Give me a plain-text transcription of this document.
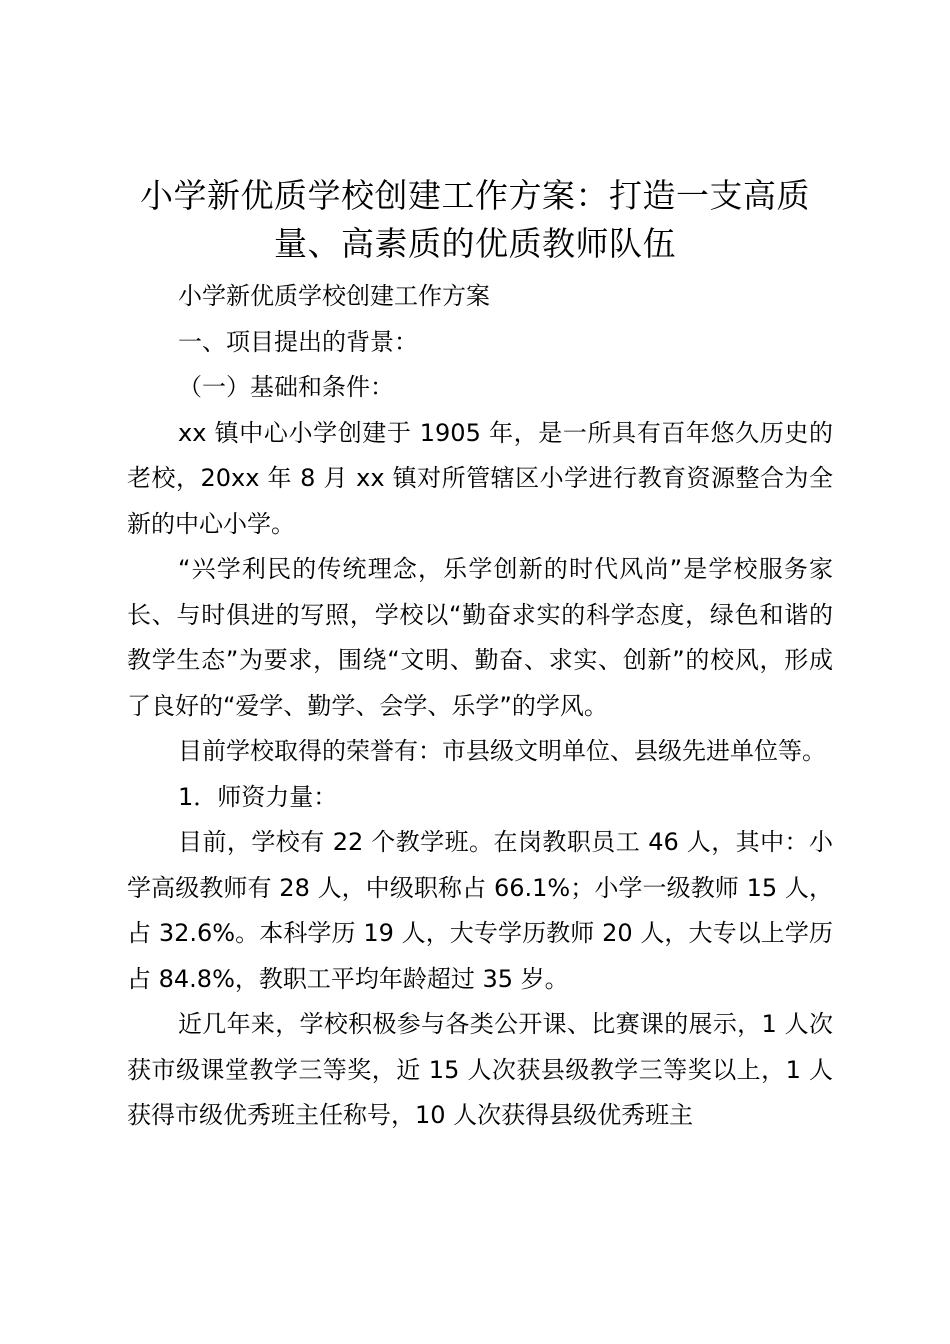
小学新优质学校创建工作方案：打造一支高质量、高素质的优质教师队伍

小学新优质学校创建工作方案

一、项目提出的背景：

（一）基础和条件：

xx 镇中心小学创建于 1905 年，是一所具有百年悠久历史的老校，20xx 年 8 月 xx 镇对所管辖区小学进行教育资源整合为全新的中心小学。

“兴学利民的传统理念，乐学创新的时代风尚”是学校服务家长、与时俱进的写照，学校以“勤奋求实的科学态度，绿色和谐的教学生态”为要求，围绕“文明、勤奋、求实、创新”的校风，形成了良好的“爱学、勤学、会学、乐学”的学风。

目前学校取得的荣誉有：市县级文明单位、县级先进单位等。

1．师资力量：

目前，学校有 22 个教学班。在岗教职员工 46 人，其中：小学高级教师有 28 人，中级职称占 66.1%；小学一级教师 15 人，占 32.6%。本科学历 19 人，大专学历教师 20 人，大专以上学历占 84.8%，教职工平均年龄超过 35 岁。

近几年来，学校积极参与各类公开课、比赛课的展示，1 人次获市级课堂教学三等奖，近 15 人次获县级教学三等奖以上，1 人获得市级优秀班主任称号，10 人次获得县级优秀班主
